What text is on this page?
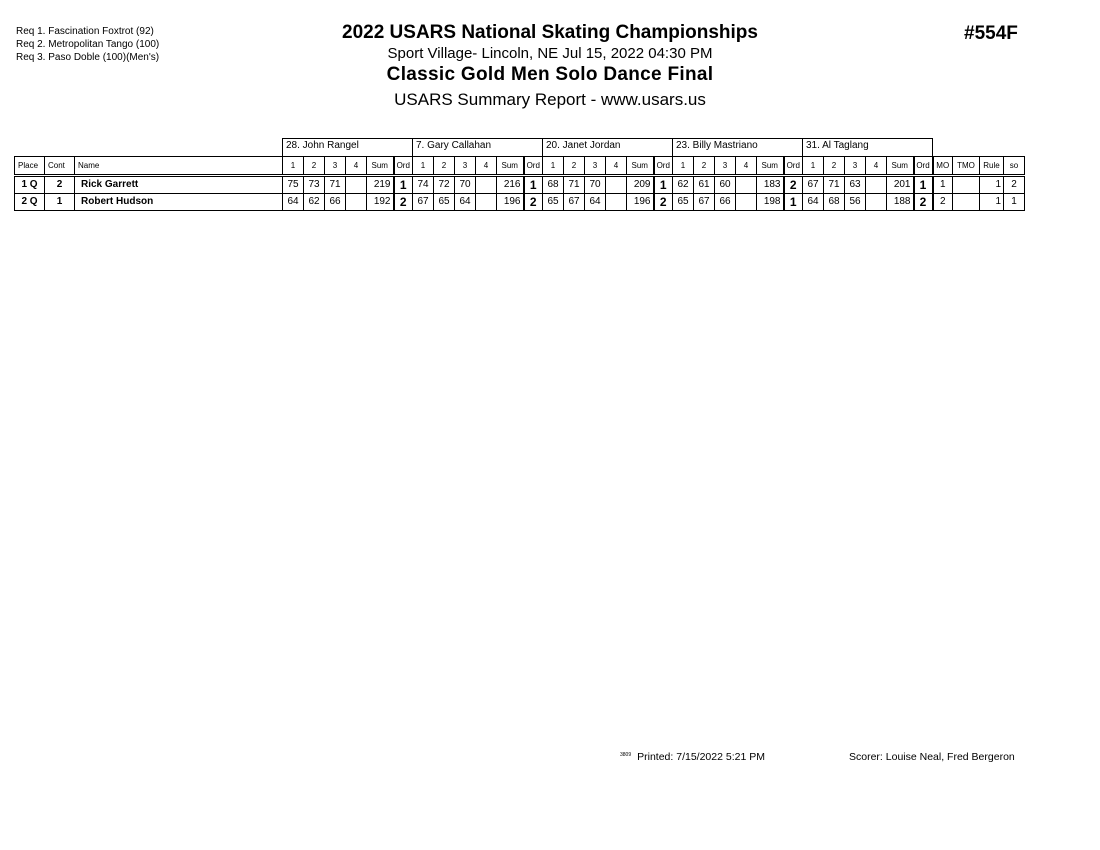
Req 1. Fascination Foxtrot (92)
Req 2. Metropolitan Tango (100)
Req 3. Paso Doble (100)(Men's)
2022 USARS National Skating Championships
Sport Village- Lincoln, NE Jul 15, 2022 04:30 PM
Classic Gold Men Solo Dance Final
USARS Summary Report - www.usars.us
#554F
28. John Rangel	7. Gary Callahan	20. Janet Jordan	23. Billy Mastriano	31. Al Taglang
Place	Cont	Name	1	2	3	4	Sum	Ord	1	2	3	4	Sum	Ord	1	2	3	4	Sum	Ord	1	2	3	4	Sum	Ord	1	2	3	4	Sum	Ord	MO	TMO	Rule	so
1 Q	2	Rick Garrett	75	73	71		219	1	74	72	70		216	1	68	71	70		209	1	62	61	60		183	2	67	71	63		201	1	1		1	2
2 Q	1	Robert Hudson	64	62	66		192	2	67	65	64		196	2	65	67	64		196	2	65	67	66		198	1	64	68	56		188	2	2		1	1
$^{3809}$ Printed: 7/15/2022 5:21 PM	Scorer: Louise Neal, Fred Bergeron
